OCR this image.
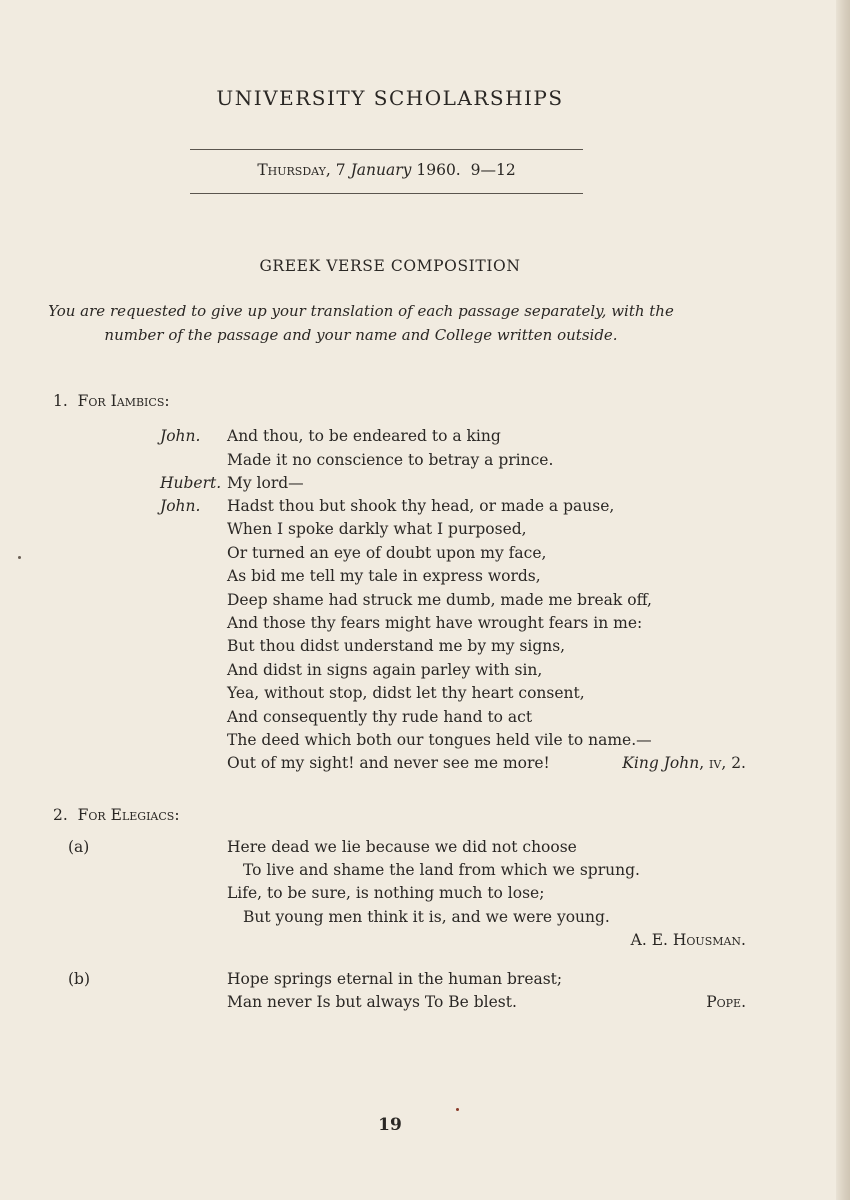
UNIVERSITY SCHOLARSHIPS
Thursday, 7 January 1960. 9—12
GREEK VERSE COMPOSITION
You are requested to give up your translation of each passage separately, with the
number of the passage and your name and College written outside.
1. For Iambics:
John. And thou, to be endeared to a king
Made it no conscience to betray a prince.
Hubert. My lord—
John. Hadst thou but shook thy head, or made a pause,
When I spoke darkly what I purposed,
Or turned an eye of doubt upon my face,
As bid me tell my tale in express words,
Deep shame had struck me dumb, made me break off,
And those thy fears might have wrought fears in me:
But thou didst understand me by my signs,
And didst in signs again parley with sin,
Yea, without stop, didst let thy heart consent,
And consequently thy rude hand to act
The deed which both our tongues held vile to name.—
Out of my sight! and never see me more!	King John, iv, 2.
2. For Elegiacs:
(a)	Here dead we lie because we did not choose
To live and shame the land from which we sprung.
Life, to be sure, is nothing much to lose;
But young men think it is, and we were young.
A. E. Housman.
(b)	Hope springs eternal in the human breast;
Man never Is but always To Be blest.	Pope.
19
